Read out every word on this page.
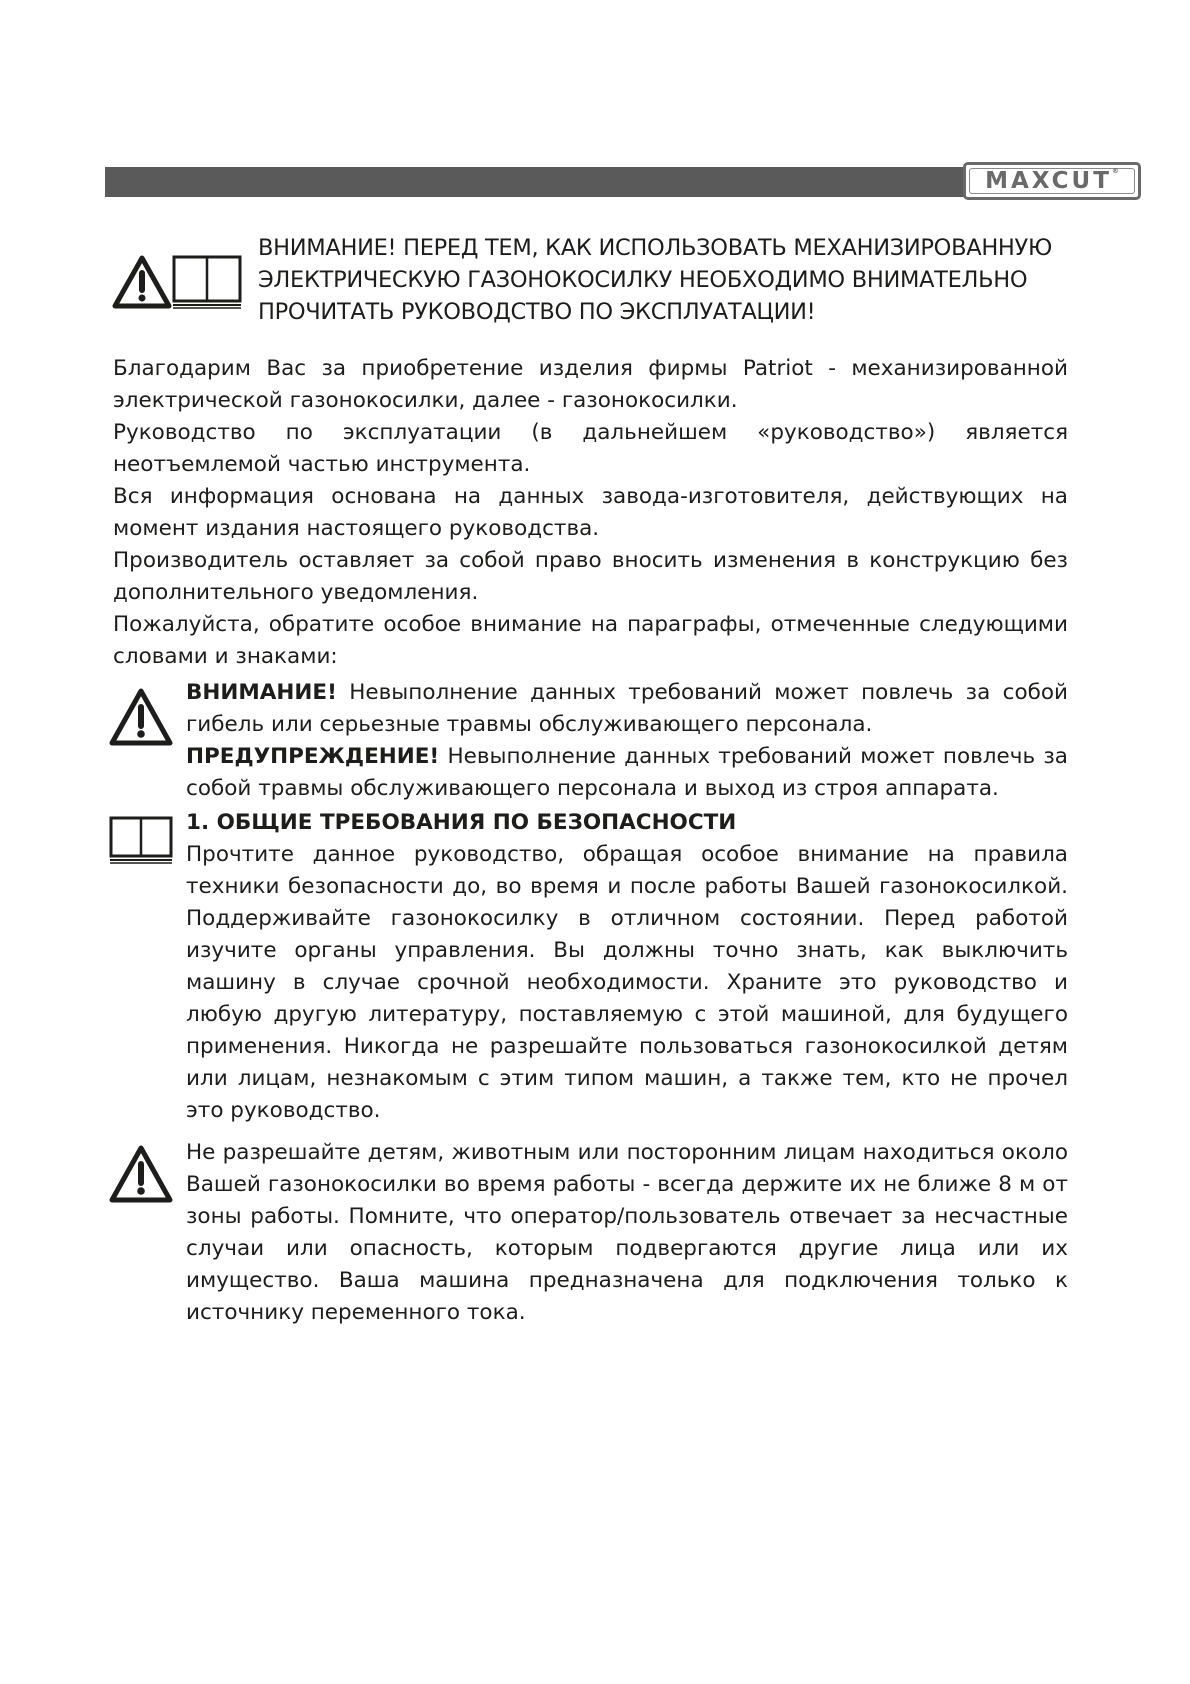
MAXCUT®

ВНИМАНИЕ! ПЕРЕД ТЕМ, КАК ИСПОЛЬЗОВАТЬ МЕХАНИЗИРОВАННУЮ ЭЛЕКТРИЧЕСКУЮ ГАЗОНОКОСИЛКУ НЕОБХОДИМО ВНИМАТЕЛЬНО ПРОЧИТАТЬ РУКОВОДСТВО ПО ЭКСПЛУАТАЦИИ!

Благодарим Вас за приобретение изделия фирмы Patriot - механизированной электрической газонокосилки, далее - газонокосилки.

Руководство по эксплуатации (в дальнейшем «руководство») является неотъемлемой частью инструмента.

Вся информация основана на данных завода-изготовителя, действующих на момент издания настоящего руководства.

Производитель оставляет за собой право вносить изменения в конструкцию без дополнительного уведомления.

Пожалуйста, обратите особое внимание на параграфы, отмеченные следующими словами и знаками:

ВНИМАНИЕ! Невыполнение данных требований может повлечь за собой гибель или серьезные травмы обслуживающего персонала.

ПРЕДУПРЕЖДЕНИЕ! Невыполнение данных требований может повлечь за собой травмы обслуживающего персонала и выход из строя аппарата.

1. ОБЩИЕ ТРЕБОВАНИЯ ПО БЕЗОПАСНОСТИ

Прочтите данное руководство, обращая особое внимание на правила техники безопасности до, во время и после работы Вашей газонокосилкой. Поддерживайте газонокосилку в отличном состоянии. Перед работой изучите органы управления. Вы должны точно знать, как выключить машину в случае срочной необходимости. Храните это руководство и любую другую литературу, поставляемую с этой машиной, для будущего применения. Никогда не разрешайте пользоваться газонокосилкой детям или лицам, незнакомым с этим типом машин, а также тем, кто не прочел это руководство.

Не разрешайте детям, животным или посторонним лицам находиться около Вашей газонокосилки во время работы - всегда держите их не ближе 8 м от зоны работы. Помните, что оператор/пользователь отвечает за несчастные случаи или опасность, которым подвергаются другие лица или их имущество. Ваша машина предназначена для подключения только к источнику переменного тока.
